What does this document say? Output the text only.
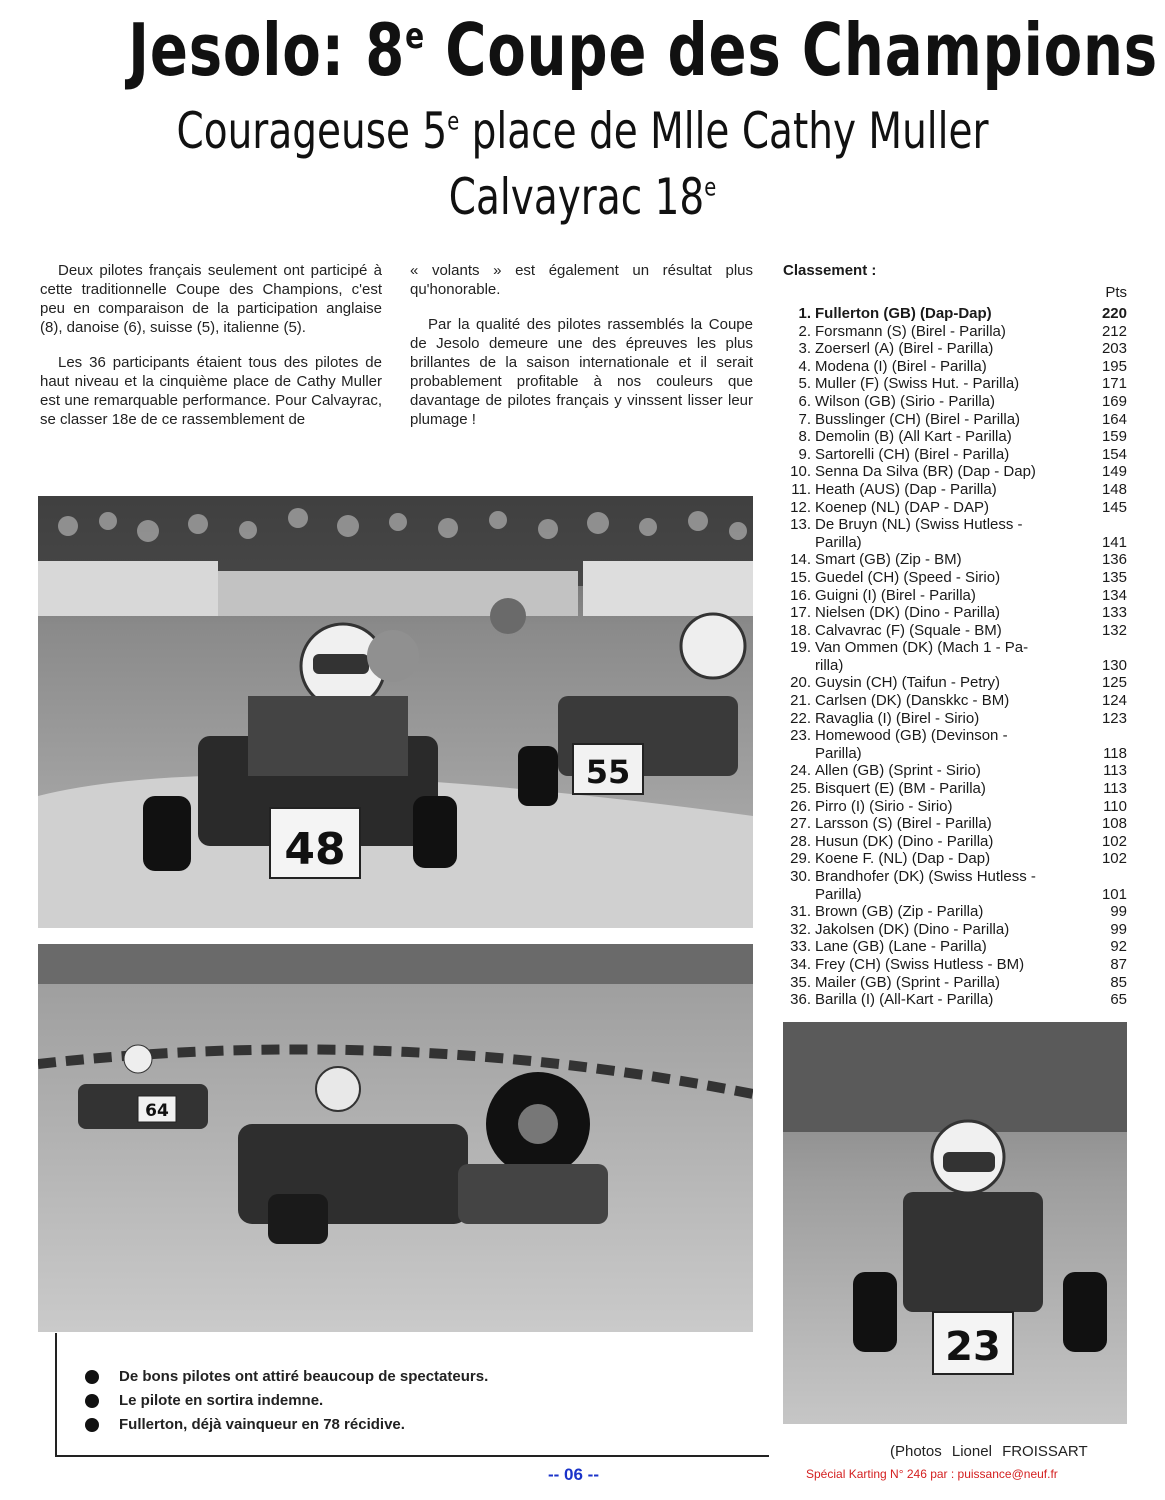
Jesolo: 8e Coupe des Champions
Courageuse 5e place de Mlle Cathy Muller
Calvayrac 18e

Deux pilotes français seulement ont participé à cette traditionnelle Coupe des Champions, c'est peu en comparaison de la participation anglaise (8), danoise (6), suisse (5), italienne (5).

Les 36 participants étaient tous des pilotes de haut niveau et la cinquième place de Cathy Muller est une remarquable performance. Pour Calvayrac, se classer 18e de ce rassemblement de

« volants » est également un résultat plus qu'honorable.

Par la qualité des pilotes rassemblés la Coupe de Jesolo demeure une des épreuves les plus brillantes de la saison internationale et il serait probablement profitable à nos couleurs que davantage de pilotes français y vinssent lisser leur plumage !

Classement :
Pts
1. Fullerton (GB) (Dap-Dap)	220
2. Forsmann (S) (Birel - Parilla)	212
3. Zoerserl (A) (Birel - Parilla)	203
4. Modena (I) (Birel - Parilla)	195
5. Muller (F) (Swiss Hut. - Parilla)	171
6. Wilson (GB) (Sirio - Parilla)	169
7. Busslinger (CH) (Birel - Parilla)	164
8. Demolin (B) (All Kart - Parilla)	159
9. Sartorelli (CH) (Birel - Parilla)	154
10. Senna Da Silva (BR) (Dap - Dap)	149
11. Heath (AUS) (Dap - Parilla)	148
12. Koenep (NL) (DAP - DAP)	145
13. De Bruyn (NL) (Swiss Hutless -
Parilla)	141
14. Smart (GB) (Zip - BM)	136
15. Guedel (CH) (Speed - Sirio)	135
16. Guigni (I) (Birel - Parilla)	134
17. Nielsen (DK) (Dino - Parilla)	133
18. Calvavrac (F) (Squale - BM)	132
19. Van Ommen (DK) (Mach 1 - Pa-
rilla)	130
20. Guysin (CH) (Taifun - Petry)	125
21. Carlsen (DK) (Danskkc - BM)	124
22. Ravaglia (I) (Birel - Sirio)	123
23. Homewood (GB) (Devinson -
Parilla)	118
24. Allen (GB) (Sprint - Sirio)	113
25. Bisquert (E) (BM - Parilla)	113
26. Pirro (I) (Sirio - Sirio)	110
27. Larsson (S) (Birel - Parilla)	108
28. Husun (DK) (Dino - Parilla)	102
29. Koene F. (NL) (Dap - Dap)	102
30. Brandhofer (DK) (Swiss Hutless -
Parilla)	101
31. Brown (GB) (Zip - Parilla)	99
32. Jakolsen (DK) (Dino - Parilla)	99
33. Lane (GB) (Lane - Parilla)	92
34. Frey (CH) (Swiss Hutless - BM)	87
35. Mailer (GB) (Sprint - Parilla)	85
36. Barilla (I) (All-Kart - Parilla)	65
48
55
64
23
De bons pilotes ont attiré beaucoup de spectateurs.
Le pilote en sortira indemne.
Fullerton, déjà vainqueur en 78 récidive.
(Photos Lionel FROISSART
-- 06 --	Spécial Karting N° 246 par : puissance@neuf.fr
